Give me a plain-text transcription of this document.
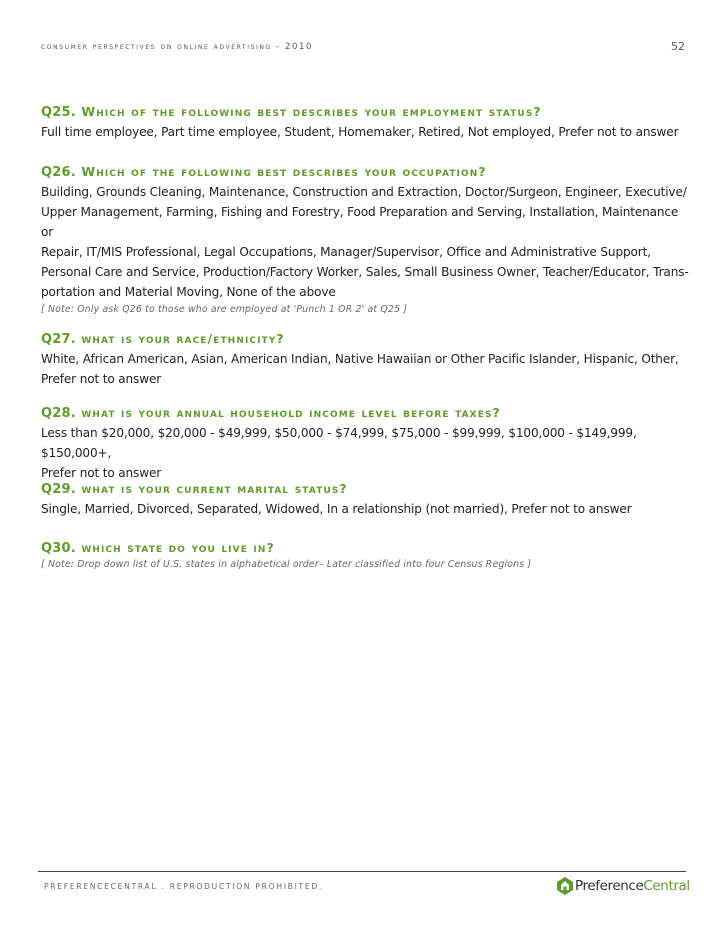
consumer perspectives on online advertising - 2010	52

Q25. Which of the following best describes your employment status?

Full time employee, Part time employee, Student, Homemaker, Retired, Not employed, Prefer not to answer

Q26. Which of the following best describes your occupation?

Building, Grounds Cleaning, Maintenance, Construction and Extraction, Doctor/Surgeon, Engineer, Executive/
Upper Management, Farming, Fishing and Forestry, Food Preparation and Serving, Installation, Maintenance or
Repair, IT/MIS Professional, Legal Occupations, Manager/Supervisor, Office and Administrative Support,
Personal Care and Service, Production/Factory Worker, Sales, Small Business Owner, Teacher/Educator, Trans-
portation and Material Moving, None of the above

[ Note: Only ask Q26 to those who are employed at 'Punch 1 OR 2' at Q25 ]

Q27. what is your race/ethnicity?

White, African American, Asian, American Indian, Native Hawaiian or Other Pacific Islander, Hispanic, Other,
Prefer not to answer

Q28. what is your annual household income level before taxes?

Less than $20,000, $20,000 - $49,999, $50,000 - $74,999, $75,000 - $99,999, $100,000 - $149,999, $150,000+,
Prefer not to answer

Q29. what is your current marital status?

Single, Married, Divorced, Separated, Widowed, In a relationship (not married), Prefer not to answer

Q30. which state do you live in?

[ Note: Drop down list of U.S. states in alphabetical order– Later classified into four Census Regions ]

PREFERENCECENTRAL . REPRODUCTION PROHIBITED.	PreferenceCentral
